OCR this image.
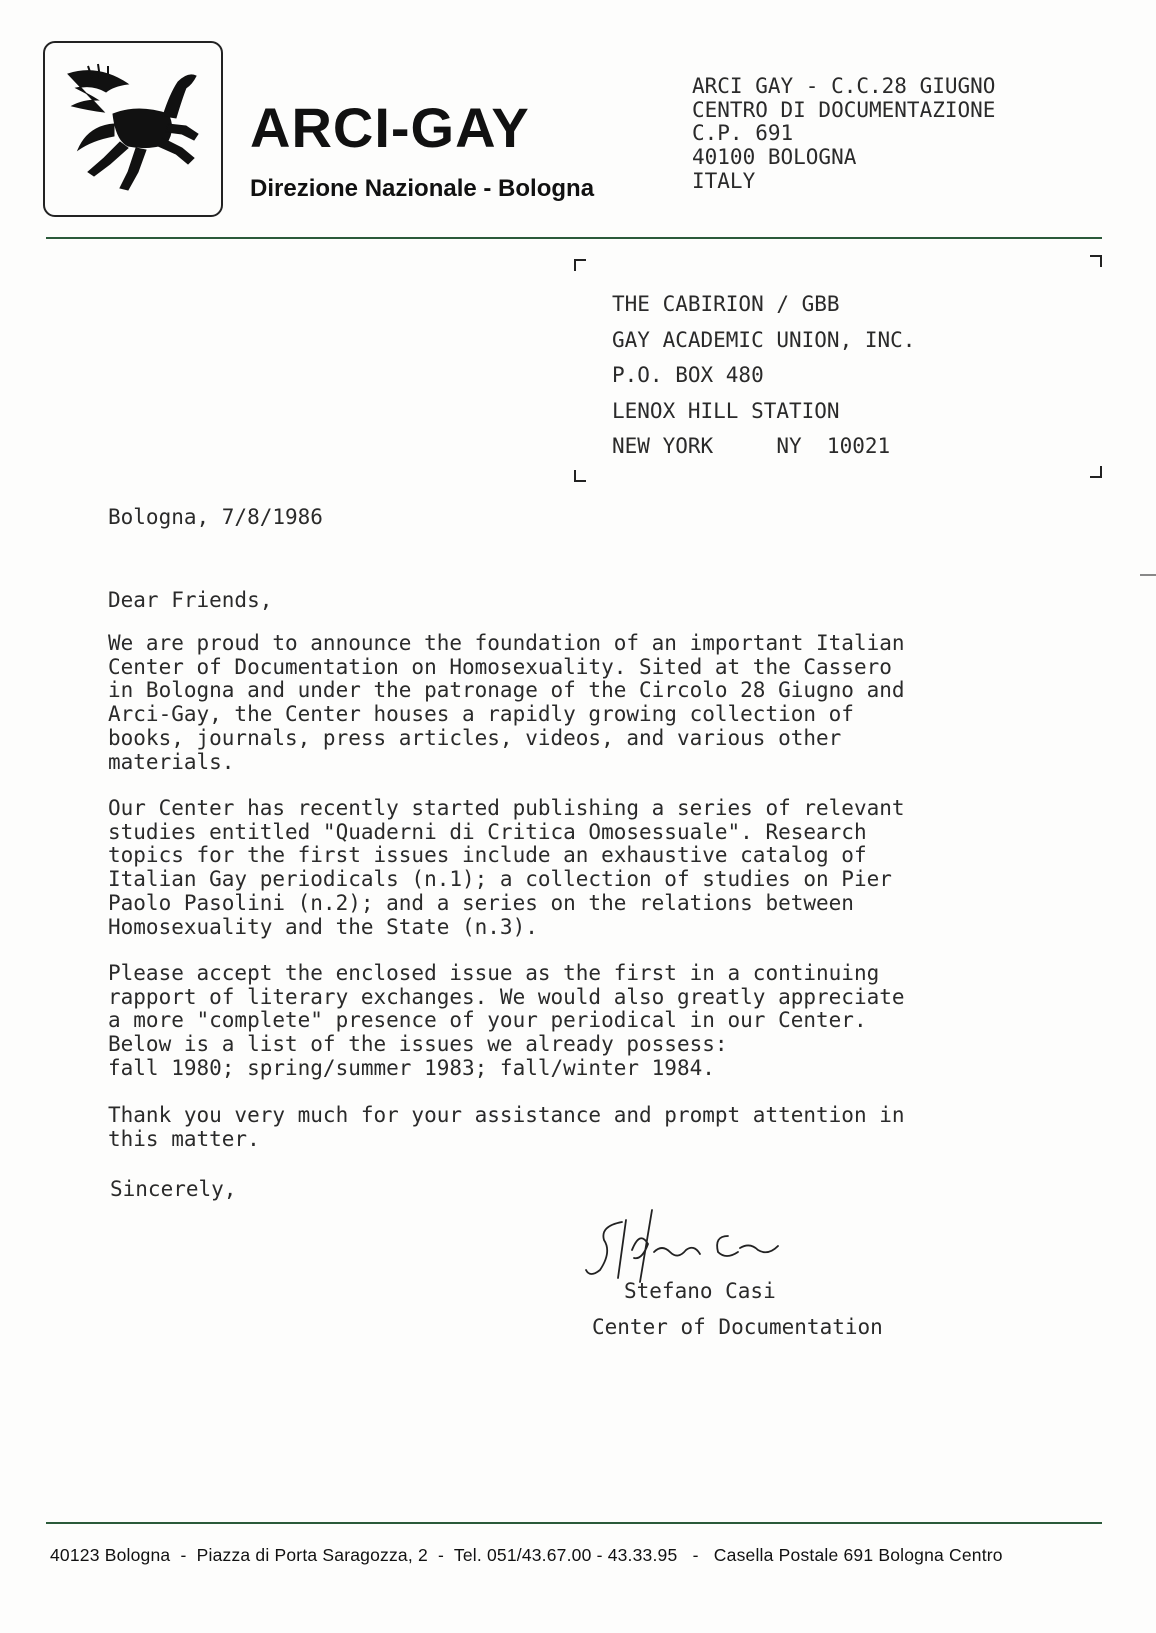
ARCI-GAY
Direzione Nazionale - Bologna
ARCI GAY - C.C.28 GIUGNO
CENTRO DI DOCUMENTAZIONE
C.P. 691
40100 BOLOGNA
ITALY
THE CABIRION / GBB
GAY ACADEMIC UNION, INC.
P.O. BOX 480
LENOX HILL STATION
NEW YORK     NY  10021
Bologna, 7/8/1986
Dear Friends,
We are proud to announce the foundation of an important Italian
Center of Documentation on Homosexuality. Sited at the Cassero
in Bologna and under the patronage of the Circolo 28 Giugno and
Arci-Gay, the Center houses a rapidly growing collection of
books, journals, press articles, videos, and various other
materials.
Our Center has recently started publishing a series of relevant
studies entitled "Quaderni di Critica Omosessuale". Research
topics for the first issues include an exhaustive catalog of
Italian Gay periodicals (n.1); a collection of studies on Pier
Paolo Pasolini (n.2); and a series on the relations between
Homosexuality and the State (n.3).
Please accept the enclosed issue as the first in a continuing
rapport of literary exchanges. We would also greatly appreciate
a more "complete" presence of your periodical in our Center.
Below is a list of the issues we already possess:
fall 1980; spring/summer 1983; fall/winter 1984.
Thank you very much for your assistance and prompt attention in
this matter.
Sincerely,
Stefano Casi
Center of Documentation
40123 Bologna  -  Piazza di Porta Saragozza, 2  -  Tel. 051/43.67.00 - 43.33.95   -   Casella Postale 691 Bologna Centro
